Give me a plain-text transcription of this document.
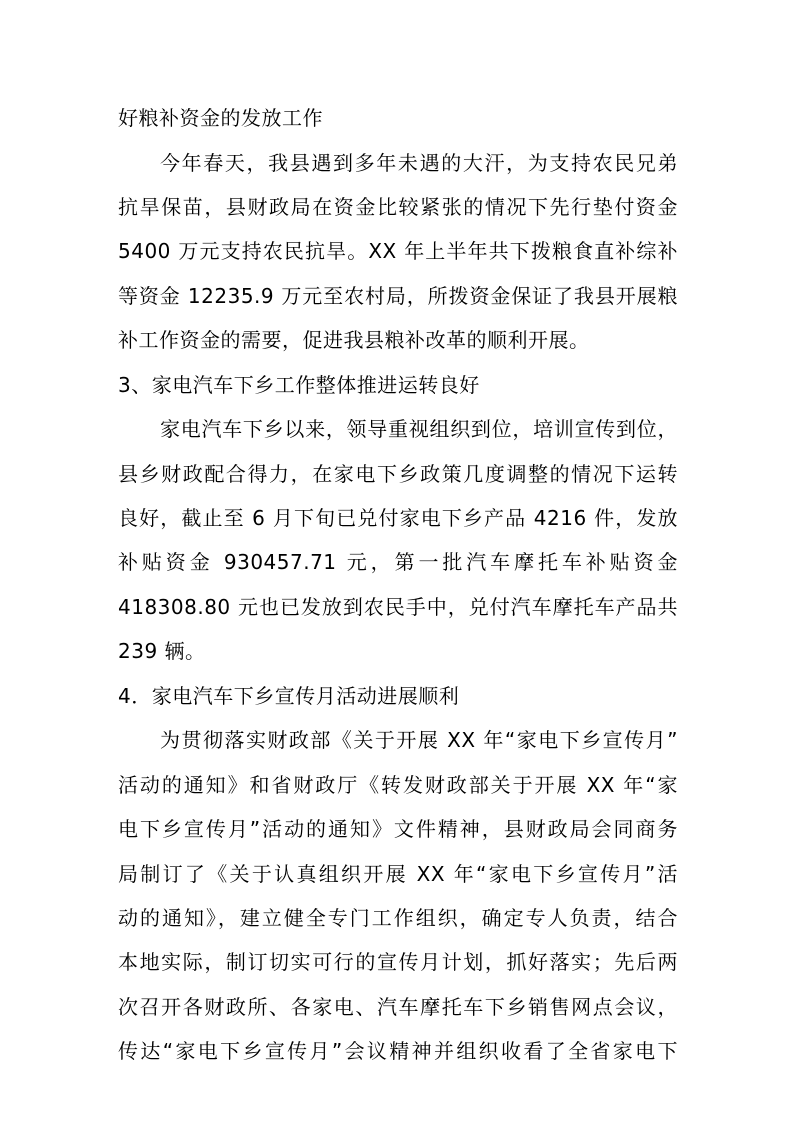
好粮补资金的发放工作
今年春天，我县遇到多年未遇的大汗，为支持农民兄弟
抗旱保苗，县财政局在资金比较紧张的情况下先行垫付资金
5400 万元支持农民抗旱。XX 年上半年共下拨粮食直补综补
等资金 12235.9 万元至农村局，所拨资金保证了我县开展粮
补工作资金的需要，促进我县粮补改革的顺利开展。
3、家电汽车下乡工作整体推进运转良好
家电汽车下乡以来，领导重视组织到位，培训宣传到位，
县乡财政配合得力，在家电下乡政策几度调整的情况下运转
良好，截止至 6 月下旬已兑付家电下乡产品 4216 件，发放
补贴资金 930457.71 元，第一批汽车摩托车补贴资金
418308.80 元也已发放到农民手中，兑付汽车摩托车产品共
239 辆。
4．家电汽车下乡宣传月活动进展顺利
为贯彻落实财政部《关于开展 XX 年“家电下乡宣传月”
活动的通知》和省财政厅《转发财政部关于开展 XX 年“家
电下乡宣传月”活动的通知》文件精神，县财政局会同商务
局制订了《关于认真组织开展 XX 年“家电下乡宣传月”活
动的通知》，建立健全专门工作组织，确定专人负责，结合
本地实际，制订切实可行的宣传月计划，抓好落实；先后两
次召开各财政所、各家电、汽车摩托车下乡销售网点会议，
传达“家电下乡宣传月”会议精神并组织收看了全省家电下
